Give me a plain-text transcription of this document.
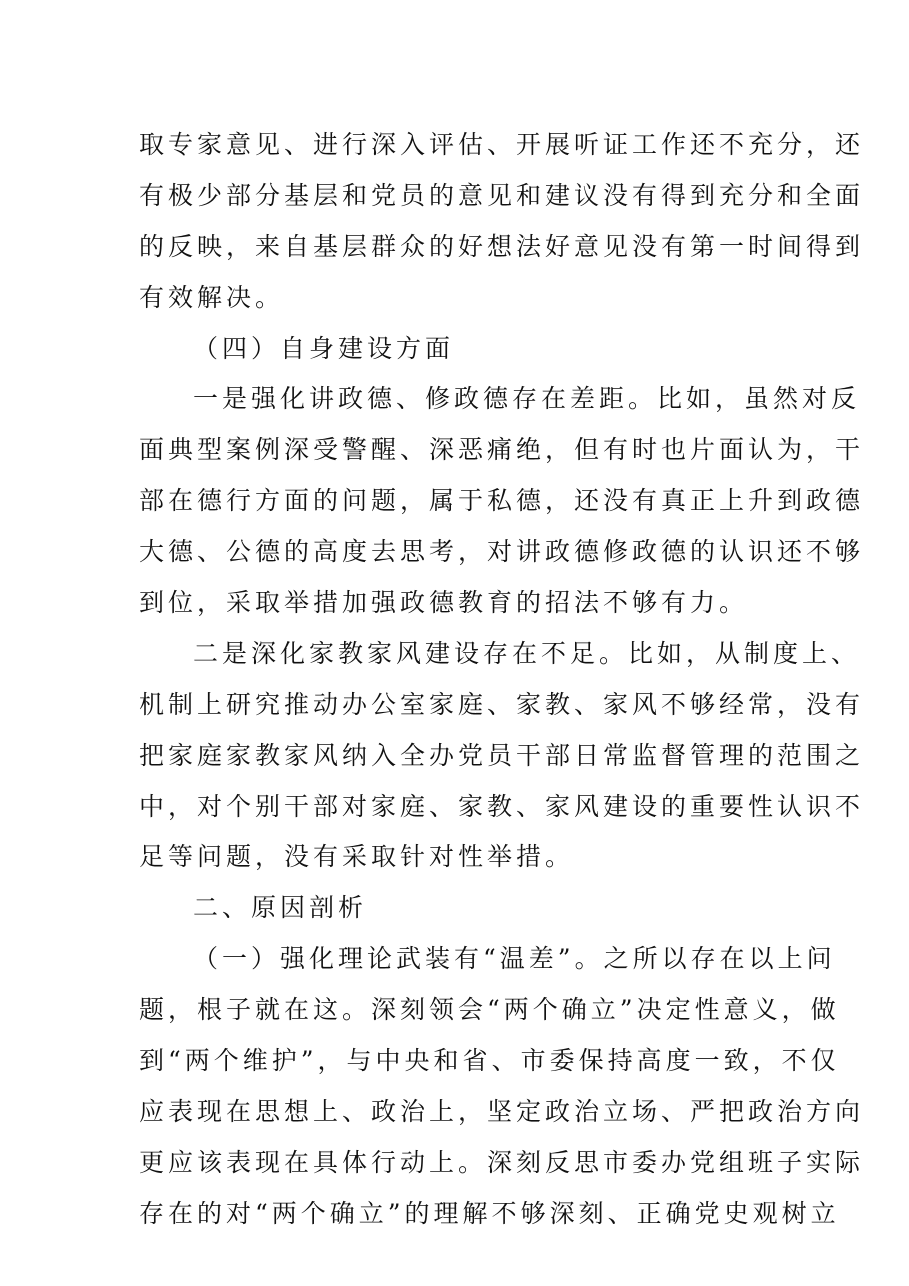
取专家意见、进行深入评估、开展听证工作还不充分，还
有极少部分基层和党员的意见和建议没有得到充分和全面
的反映，来自基层群众的好想法好意见没有第一时间得到
有效解决。
（四）自身建设方面
一是强化讲政德、修政德存在差距。比如，虽然对反
面典型案例深受警醒、深恶痛绝，但有时也片面认为，干
部在德行方面的问题，属于私德，还没有真正上升到政德
大德、公德的高度去思考，对讲政德修政德的认识还不够
到位，采取举措加强政德教育的招法不够有力。
二是深化家教家风建设存在不足。比如，从制度上、
机制上研究推动办公室家庭、家教、家风不够经常，没有
把家庭家教家风纳入全办党员干部日常监督管理的范围之
中，对个别干部对家庭、家教、家风建设的重要性认识不
足等问题，没有采取针对性举措。
二、原因剖析
（一）强化理论武装有“温差”。之所以存在以上问
题，根子就在这。深刻领会“两个确立”决定性意义，做
到“两个维护”，与中央和省、市委保持高度一致，不仅
应表现在思想上、政治上，坚定政治立场、严把政治方向
更应该表现在具体行动上。深刻反思市委办党组班子实际
存在的对“两个确立”的理解不够深刻、正确党史观树立
